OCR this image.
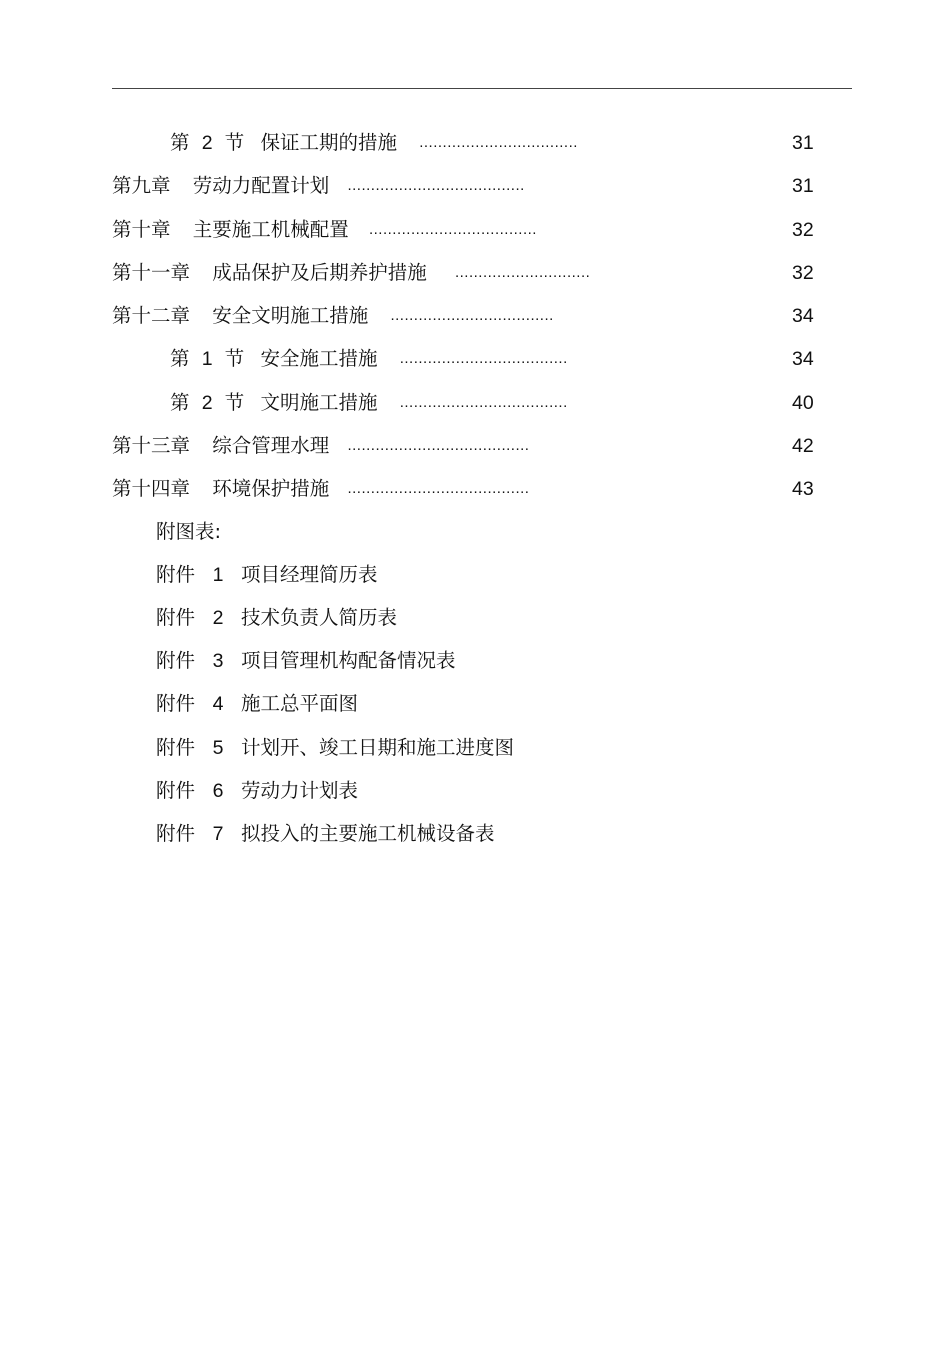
第 2 节 保证工期的措施 ..................................	31
第九章 劳动力配置计划 ......................................	31
第十章 主要施工机械配置 ....................................	32
第十一章 成品保护及后期养护措施 .............................	32
第十二章 安全文明施工措施 ...................................	34
第 1 节 安全施工措施 ....................................	34
第 2 节 文明施工措施 ....................................	40
第十三章 综合管理水理 .......................................	42
第十四章 环境保护措施 .......................................	43
附图表:
附件 1 项目经理简历表
附件 2 技术负责人简历表
附件 3 项目管理机构配备情况表
附件 4 施工总平面图
附件 5 计划开、竣工日期和施工进度图
附件 6 劳动力计划表
附件 7 拟投入的主要施工机械设备表
